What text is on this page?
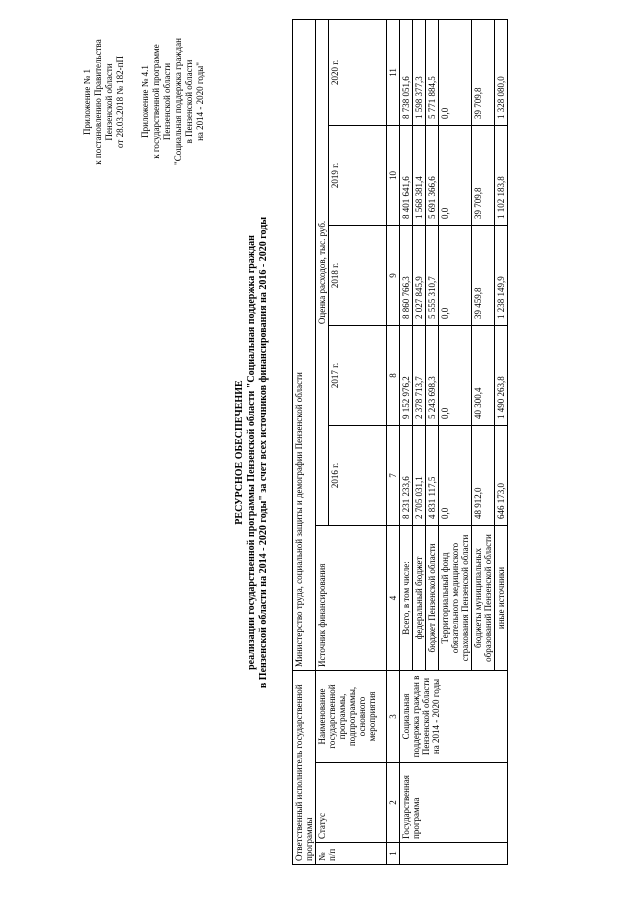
Приложение № 1 к постановлению Правительства Пензенской области от 28.03.2018 № 182-пП Приложение № 4.1 к государственной программе Пензенской области "Социальная поддержка граждан в Пензенской области на 2014 - 2020 годы"
РЕСУРСНОЕ ОБЕСПЕЧЕНИЕ реализации государственной программы Пензенской области "Социальная поддержка граждан в Пензенской области на 2014 - 2020 годы" за счет всех источников финансирования на 2016 - 2020 годы
Ответственный исполнитель государственной программы			Министерство труда, социальной защиты и демографии Пензенской области					
№ п/п	Статус	Наименование государственной программы, подпрограммы, основного мероприятия	Источник финансирования	Оценка расходов, тыс. руб.				
				2016 г.	2017 г.	2018 г.	2019 г.	2020 г.
1	2	3	4	7	8	9	10	11
	Государственная программа	Социальная поддержка граждан в Пензенской области на 2014 - 2020 годы	Всего, в том числе:	8 231 233,6	9 152 976,2	8 860 766,3	8 401 641,6	8 738 051,6
			федеральный бюджет	2 705 031,1	2 378 713,7	2 027 845,9	1 568 381,4	1 598 377,3
			бюджет Пензенской области	4 831 117,5	5 243 698,3	5 555 310,7	5 691 366,6	5 771 884,5
			Территориальный фонд обязательного медицинского страхования Пензенской области	0,0	0,0	0,0	0,0	0,0
			бюджеты муниципальных образований Пензенской области	48 912,0	40 300,4	39 459,8	39 709,8	39 709,8
			иные источники	646 173,0	1 490 263,8	1 238 149,9	1 102 183,8	1 328 080,0
